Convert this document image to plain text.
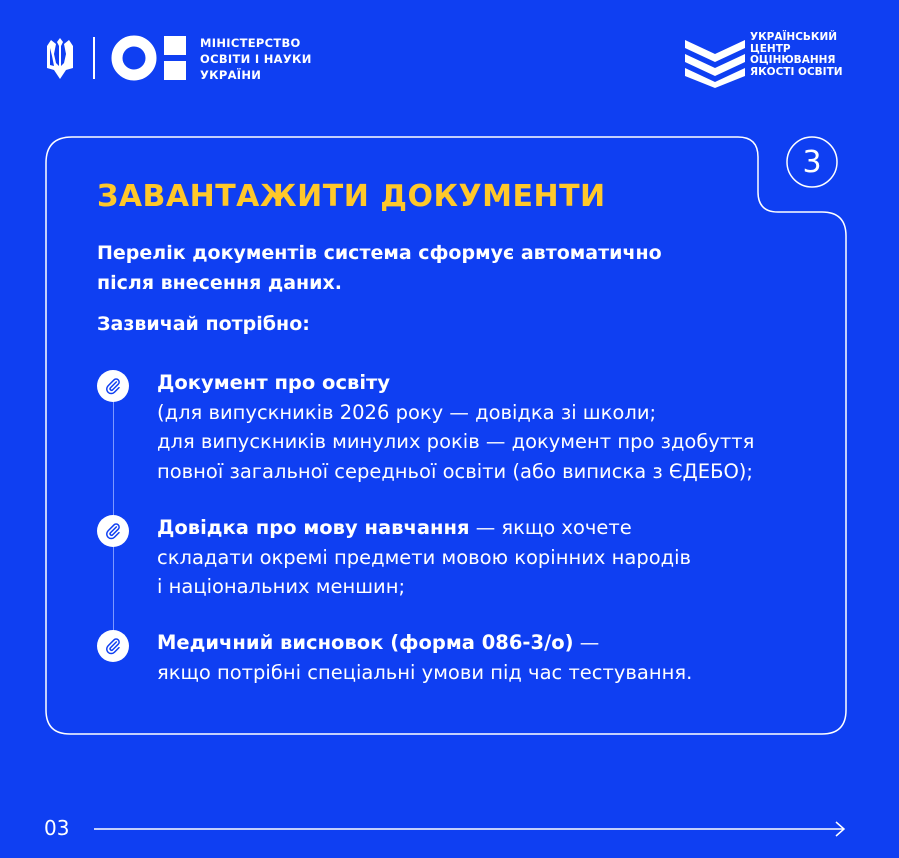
МІНІСТЕРСТВО
ОСВІТИ І НАУКИ
УКРАЇНИ
УКРАЇНСЬКИЙ
ЦЕНТР
ОЦІНЮВАННЯ
ЯКОСТІ ОСВІТИ
3
ЗАВАНТАЖИТИ ДОКУМЕНТИ
Перелік документів система сформує автоматично
після внесення даних.
Зазвичай потрібно:
Документ про освіту
(для випускників 2026 року — довідка зі школи;
для випускників минулих років — документ про здобуття
повної загальної середньої освіти (або виписка з ЄДЕБО);
Довідка про мову навчання — якщо хочете
складати окремі предмети мовою корінних народів
і національних меншин;
Медичний висновок (форма 086-3/о) —
якщо потрібні спеціальні умови під час тестування.
03
